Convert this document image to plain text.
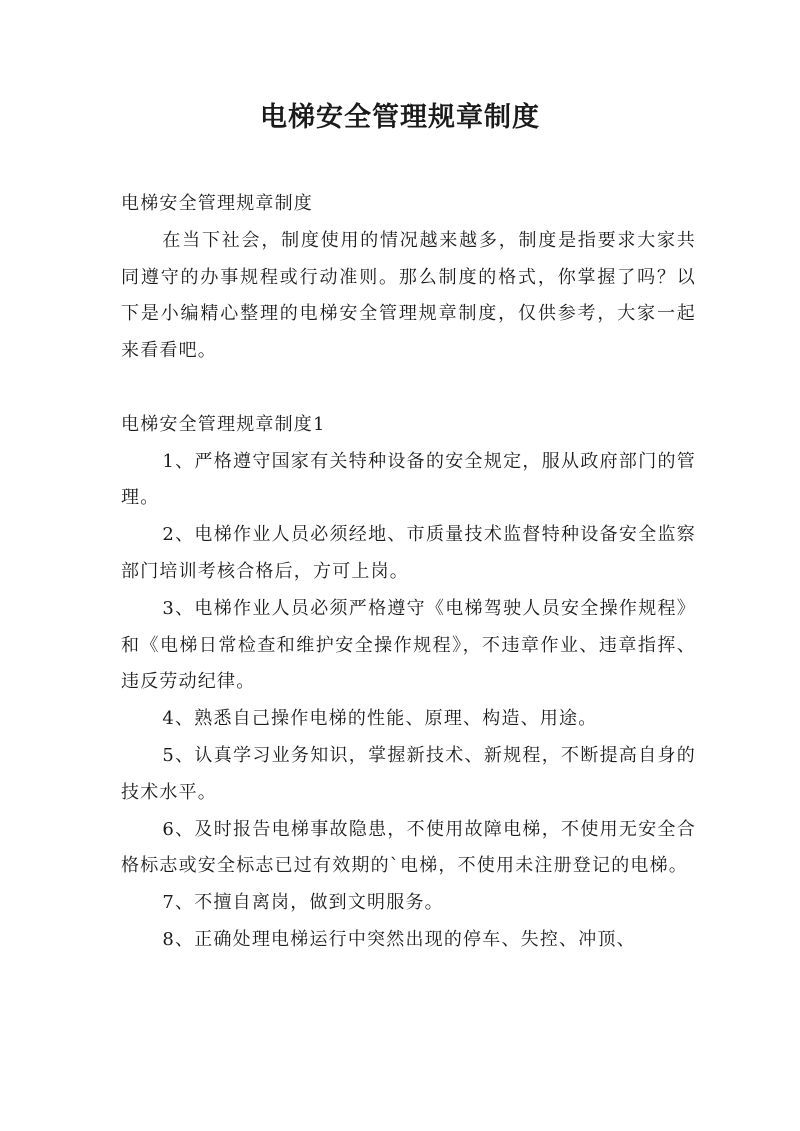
电梯安全管理规章制度

电梯安全管理规章制度

在当下社会，制度使用的情况越来越多，制度是指要求大家共同遵守的办事规程或行动准则。那么制度的格式，你掌握了吗？以下是小编精心整理的电梯安全管理规章制度，仅供参考，大家一起来看看吧。

电梯安全管理规章制度1

1、严格遵守国家有关特种设备的安全规定，服从政府部门的管理。

2、电梯作业人员必须经地、市质量技术监督特种设备安全监察部门培训考核合格后，方可上岗。

3、电梯作业人员必须严格遵守《电梯驾驶人员安全操作规程》和《电梯日常检查和维护安全操作规程》，不违章作业、违章指挥、违反劳动纪律。

4、熟悉自己操作电梯的性能、原理、构造、用途。

5、认真学习业务知识，掌握新技术、新规程，不断提高自身的技术水平。

6、及时报告电梯事故隐患，不使用故障电梯，不使用无安全合格标志或安全标志已过有效期的`电梯，不使用未注册登记的电梯。

7、不擅自离岗，做到文明服务。

8、正确处理电梯运行中突然出现的停车、失控、冲顶、
